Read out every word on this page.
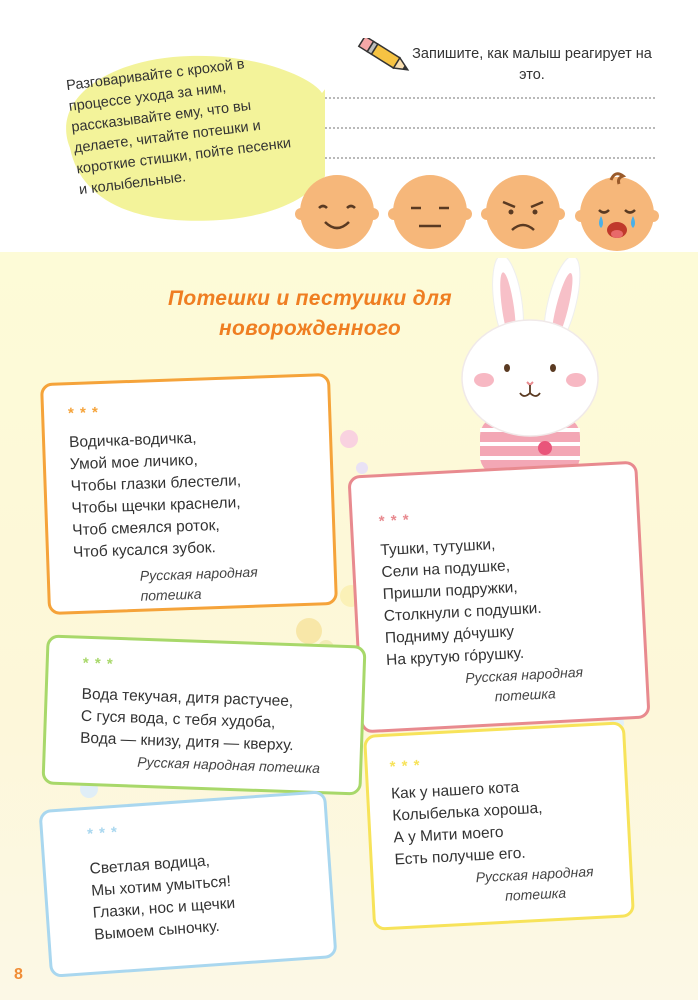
Разговаривайте с крохой в процессе ухода за ним, рассказывайте ему, что вы делаете, читайте потешки и короткие стишки, пойте песенки и колыбельные.
Запишите, как малыш реагирует на это.
Потешки и пестушки для новорожденного
* * *
Водичка-водичка,
Умой мое личико,
Чтобы глазки блестели,
Чтобы щечки краснели,
Чтоб смеялся роток,
Чтоб кусался зубок.
Русская народная
потешка
* * *
Тушки, тутушки,
Сели на подушке,
Пришли подружки,
Столкнули с подушки.
Подниму до́чушку
На крутую го́рушку.
Русская народная
потешка
* * *
Вода текучая, дитя растучее,
С гуся вода, с тебя худоба,
Вода — книзу, дитя — кверху.
Русская народная потешка	* * *
Как у нашего кота
Колыбелька хороша,
А у Мити моего
Есть получше его.
Русская народная
потешка
* * *
Светлая водица,
Мы хотим умыться!
Глазки, нос и щечки
Вымоем сыночку.
8
